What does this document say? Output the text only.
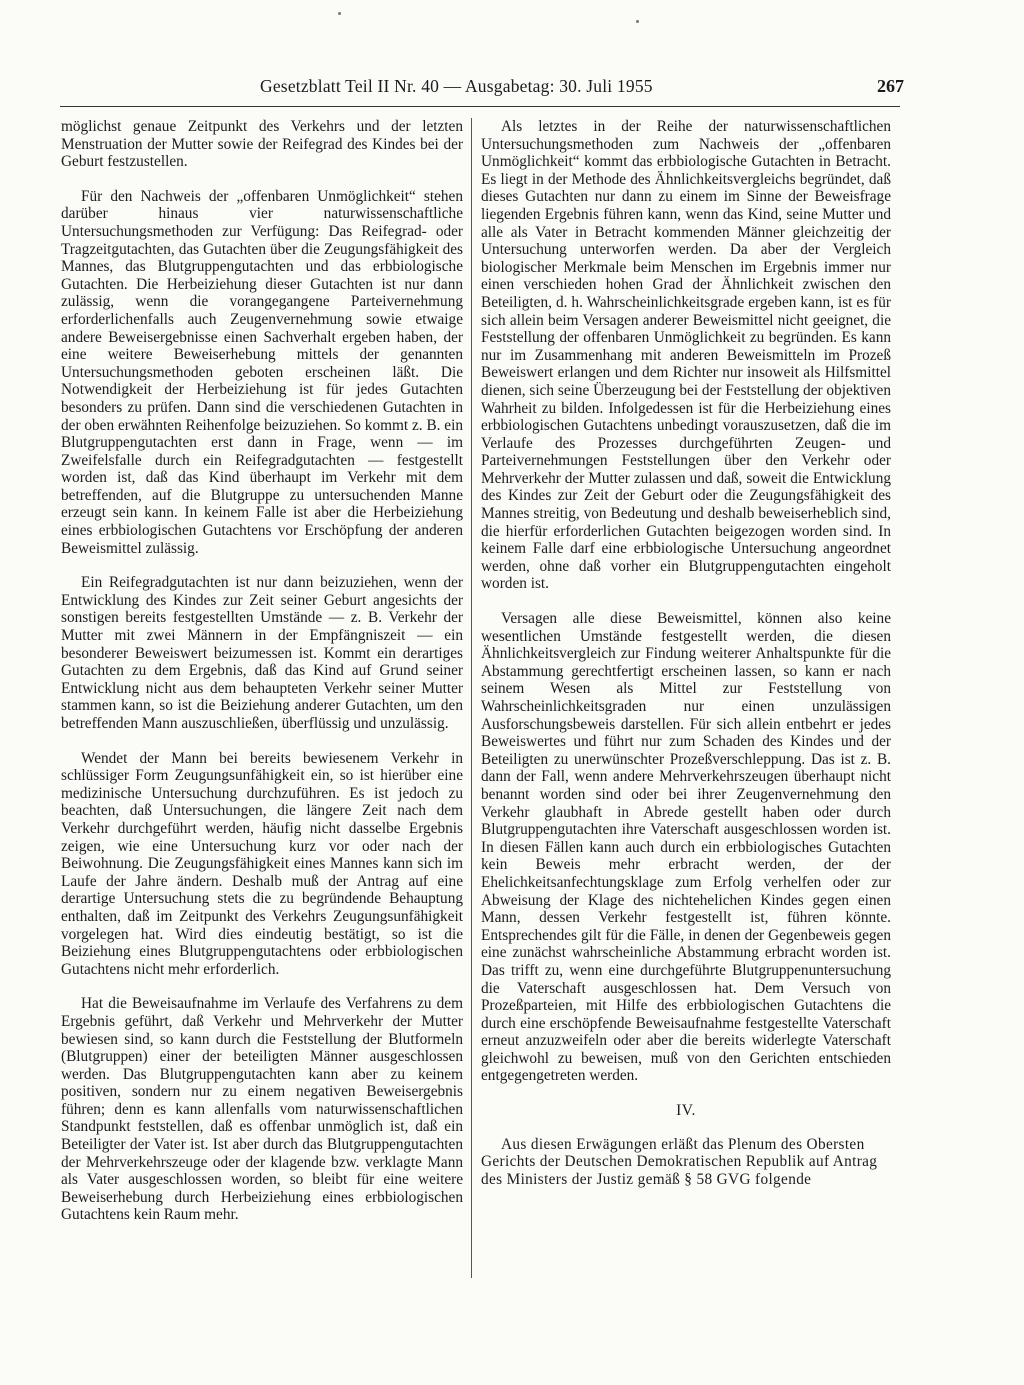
Gesetzblatt Teil II Nr. 40 — Ausgabetag: 30. Juli 1955	267

möglichst genaue Zeitpunkt des Verkehrs und der letzten Menstruation der Mutter sowie der Reifegrad des Kindes bei der Geburt festzustellen.

Für den Nachweis der „offenbaren Unmöglichkeit“ stehen darüber hinaus vier naturwissenschaftliche Untersuchungsmethoden zur Verfügung: Das Reifegrad- oder Tragzeitgutachten, das Gutachten über die Zeugungsfähigkeit des Mannes, das Blutgruppengutachten und das erbbiologische Gutachten. Die Herbeiziehung dieser Gutachten ist nur dann zulässig, wenn die vorangegangene Parteivernehmung erforderlichenfalls auch Zeugenvernehmung sowie etwaige andere Beweisergebnisse einen Sachverhalt ergeben haben, der eine weitere Beweiserhebung mittels der genannten Untersuchungsmethoden geboten erscheinen läßt. Die Notwendigkeit der Herbeiziehung ist für jedes Gutachten besonders zu prüfen. Dann sind die verschiedenen Gutachten in der oben erwähnten Reihenfolge beizuziehen. So kommt z. B. ein Blutgruppengutachten erst dann in Frage, wenn — im Zweifelsfalle durch ein Reifegradgutachten — festgestellt worden ist, daß das Kind überhaupt im Verkehr mit dem betreffenden, auf die Blutgruppe zu untersuchenden Manne erzeugt sein kann. In keinem Falle ist aber die Herbeiziehung eines erbbiologischen Gutachtens vor Erschöpfung der anderen Beweismittel zulässig.

Ein Reifegradgutachten ist nur dann beizuziehen, wenn der Entwicklung des Kindes zur Zeit seiner Geburt angesichts der sonstigen bereits festgestellten Umstände — z. B. Verkehr der Mutter mit zwei Männern in der Empfängniszeit — ein besonderer Beweiswert beizumessen ist. Kommt ein derartiges Gutachten zu dem Ergebnis, daß das Kind auf Grund seiner Entwicklung nicht aus dem behaupteten Verkehr seiner Mutter stammen kann, so ist die Beiziehung anderer Gutachten, um den betreffenden Mann auszuschließen, überflüssig und unzulässig.

Wendet der Mann bei bereits bewiesenem Verkehr in schlüssiger Form Zeugungsunfähigkeit ein, so ist hierüber eine medizinische Untersuchung durchzuführen. Es ist jedoch zu beachten, daß Untersuchungen, die längere Zeit nach dem Verkehr durchgeführt werden, häufig nicht dasselbe Ergebnis zeigen, wie eine Untersuchung kurz vor oder nach der Beiwohnung. Die Zeugungsfähigkeit eines Mannes kann sich im Laufe der Jahre ändern. Deshalb muß der Antrag auf eine derartige Untersuchung stets die zu begründende Behauptung enthalten, daß im Zeitpunkt des Verkehrs Zeugungsunfähigkeit vorgelegen hat. Wird dies eindeutig bestätigt, so ist die Beiziehung eines Blutgruppengutachtens oder erbbiologischen Gutachtens nicht mehr erforderlich.

Hat die Beweisaufnahme im Verlaufe des Verfahrens zu dem Ergebnis geführt, daß Verkehr und Mehrverkehr der Mutter bewiesen sind, so kann durch die Feststellung der Blutformeln (Blutgruppen) einer der beteiligten Männer ausgeschlossen werden. Das Blutgruppengutachten kann aber zu keinem positiven, sondern nur zu einem negativen Beweisergebnis führen; denn es kann allenfalls vom naturwissenschaftlichen Standpunkt feststellen, daß es offenbar unmöglich ist, daß ein Beteiligter der Vater ist. Ist aber durch das Blutgruppengutachten der Mehrverkehrszeuge oder der klagende bzw. verklagte Mann als Vater ausgeschlossen worden, so bleibt für eine weitere Beweiserhebung durch Herbeiziehung eines erbbiologischen Gutachtens kein Raum mehr.

Als letztes in der Reihe der naturwissenschaftlichen Untersuchungsmethoden zum Nachweis der „offenbaren Unmöglichkeit“ kommt das erbbiologische Gutachten in Betracht. Es liegt in der Methode des Ähnlichkeitsvergleichs begründet, daß dieses Gutachten nur dann zu einem im Sinne der Beweisfrage liegenden Ergebnis führen kann, wenn das Kind, seine Mutter und alle als Vater in Betracht kommenden Männer gleichzeitig der Untersuchung unterworfen werden. Da aber der Vergleich biologischer Merkmale beim Menschen im Ergebnis immer nur einen verschieden hohen Grad der Ähnlichkeit zwischen den Beteiligten, d. h. Wahrscheinlichkeitsgrade ergeben kann, ist es für sich allein beim Versagen anderer Beweismittel nicht geeignet, die Feststellung der offenbaren Unmöglichkeit zu begründen. Es kann nur im Zusammenhang mit anderen Beweismitteln im Prozeß Beweiswert erlangen und dem Richter nur insoweit als Hilfsmittel dienen, sich seine Überzeugung bei der Feststellung der objektiven Wahrheit zu bilden. Infolgedessen ist für die Herbeiziehung eines erbbiologischen Gutachtens unbedingt vorauszusetzen, daß die im Verlaufe des Prozesses durchgeführten Zeugen- und Parteivernehmungen Feststellungen über den Verkehr oder Mehrverkehr der Mutter zulassen und daß, soweit die Entwicklung des Kindes zur Zeit der Geburt oder die Zeugungsfähigkeit des Mannes streitig, von Bedeutung und deshalb beweiserheblich sind, die hierfür erforderlichen Gutachten beigezogen worden sind. In keinem Falle darf eine erbbiologische Untersuchung angeordnet werden, ohne daß vorher ein Blutgruppengutachten eingeholt worden ist.

Versagen alle diese Beweismittel, können also keine wesentlichen Umstände festgestellt werden, die diesen Ähnlichkeitsvergleich zur Findung weiterer Anhaltspunkte für die Abstammung gerechtfertigt erscheinen lassen, so kann er nach seinem Wesen als Mittel zur Feststellung von Wahrscheinlichkeitsgraden nur einen unzulässigen Ausforschungsbeweis darstellen. Für sich allein entbehrt er jedes Beweiswertes und führt nur zum Schaden des Kindes und der Beteiligten zu unerwünschter Prozeßverschleppung. Das ist z. B. dann der Fall, wenn andere Mehrverkehrszeugen überhaupt nicht benannt worden sind oder bei ihrer Zeugenvernehmung den Verkehr glaubhaft in Abrede gestellt haben oder durch Blutgruppengutachten ihre Vaterschaft ausgeschlossen worden ist. In diesen Fällen kann auch durch ein erbbiologisches Gutachten kein Beweis mehr erbracht werden, der der Ehelichkeitsanfechtungsklage zum Erfolg verhelfen oder zur Abweisung der Klage des nichtehelichen Kindes gegen einen Mann, dessen Verkehr festgestellt ist, führen könnte. Entsprechendes gilt für die Fälle, in denen der Gegenbeweis gegen eine zunächst wahrscheinliche Abstammung erbracht worden ist. Das trifft zu, wenn eine durchgeführte Blutgruppenuntersuchung die Vaterschaft ausgeschlossen hat. Dem Versuch von Prozeßparteien, mit Hilfe des erbbiologischen Gutachtens die durch eine erschöpfende Beweisaufnahme festgestellte Vaterschaft erneut anzuzweifeln oder aber die bereits widerlegte Vaterschaft gleichwohl zu beweisen, muß von den Gerichten entschieden entgegengetreten werden.

IV.

Aus diesen Erwägungen erläßt das Plenum des Obersten Gerichts der Deutschen Demokratischen Republik auf Antrag des Ministers der Justiz gemäß § 58 GVG folgende
